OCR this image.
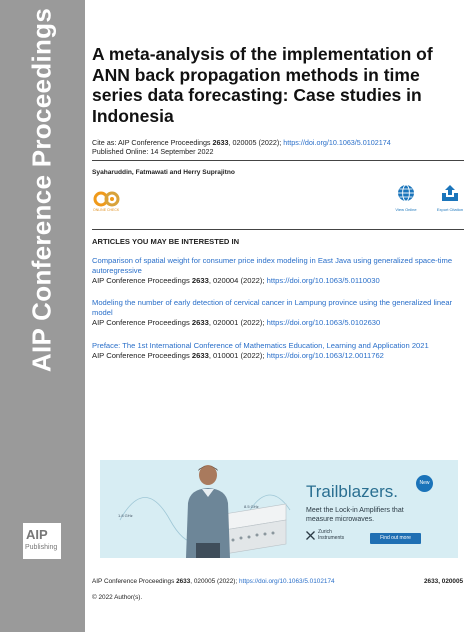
AIP Conference Proceedings
AIP
Publishing
A meta-analysis of the implementation of ANN back propagation methods in time series data forecasting: Case studies in Indonesia
Cite as: AIP Conference Proceedings 2633, 020005 (2022); https://doi.org/10.1063/5.0102174
Published Online: 14 September 2022
Syaharuddin, Fatmawati and Herry Suprajitno
ONLINE CHECK	View Online	Export Citation
ARTICLES YOU MAY BE INTERESTED IN
Comparison of spatial weight for consumer price index modeling in East Java using generalized space-time autoregressive
AIP Conference Proceedings 2633, 020004 (2022); https://doi.org/10.1063/5.0110030
Modeling the number of early detection of cervical cancer in Lampung province using the generalized linear model
AIP Conference Proceedings 2633, 020001 (2022); https://doi.org/10.1063/5.0102630
Preface: The 1st International Conference of Mathematics Education, Learning and Application 2021
AIP Conference Proceedings 2633, 010001 (2022); https://doi.org/10.1063/12.0011762
1.8 GHz
8.5 GHz
Trailblazers.	New
Meet the Lock-in Amplifiers that measure microwaves.
Zurich
Instruments	Find out more
AIP Conference Proceedings 2633, 020005 (2022); https://doi.org/10.1063/5.0102174	2633, 020005
© 2022 Author(s).
